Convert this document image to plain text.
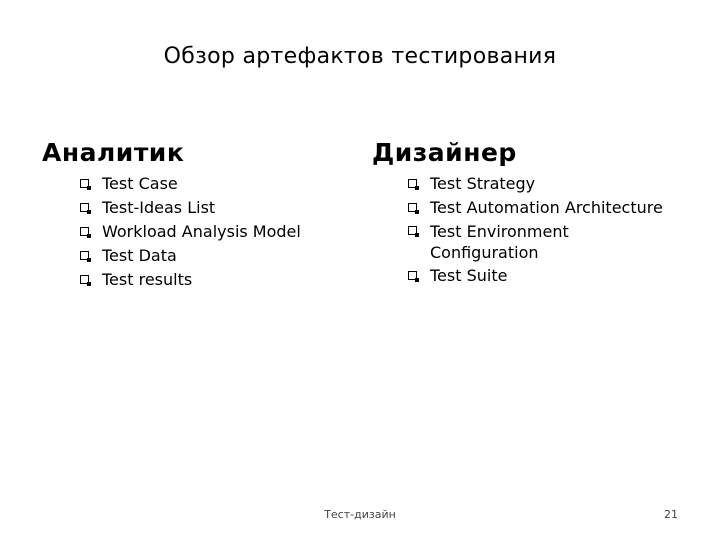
Обзор артефактов тестирования
Аналитик
Test Case
Test-Ideas List
Workload Analysis Model
Test Data
Test results
Дизайнер
Test Strategy
Test Automation Architecture
Test Environment Configuration
Test Suite
Тест-дизайн	21
